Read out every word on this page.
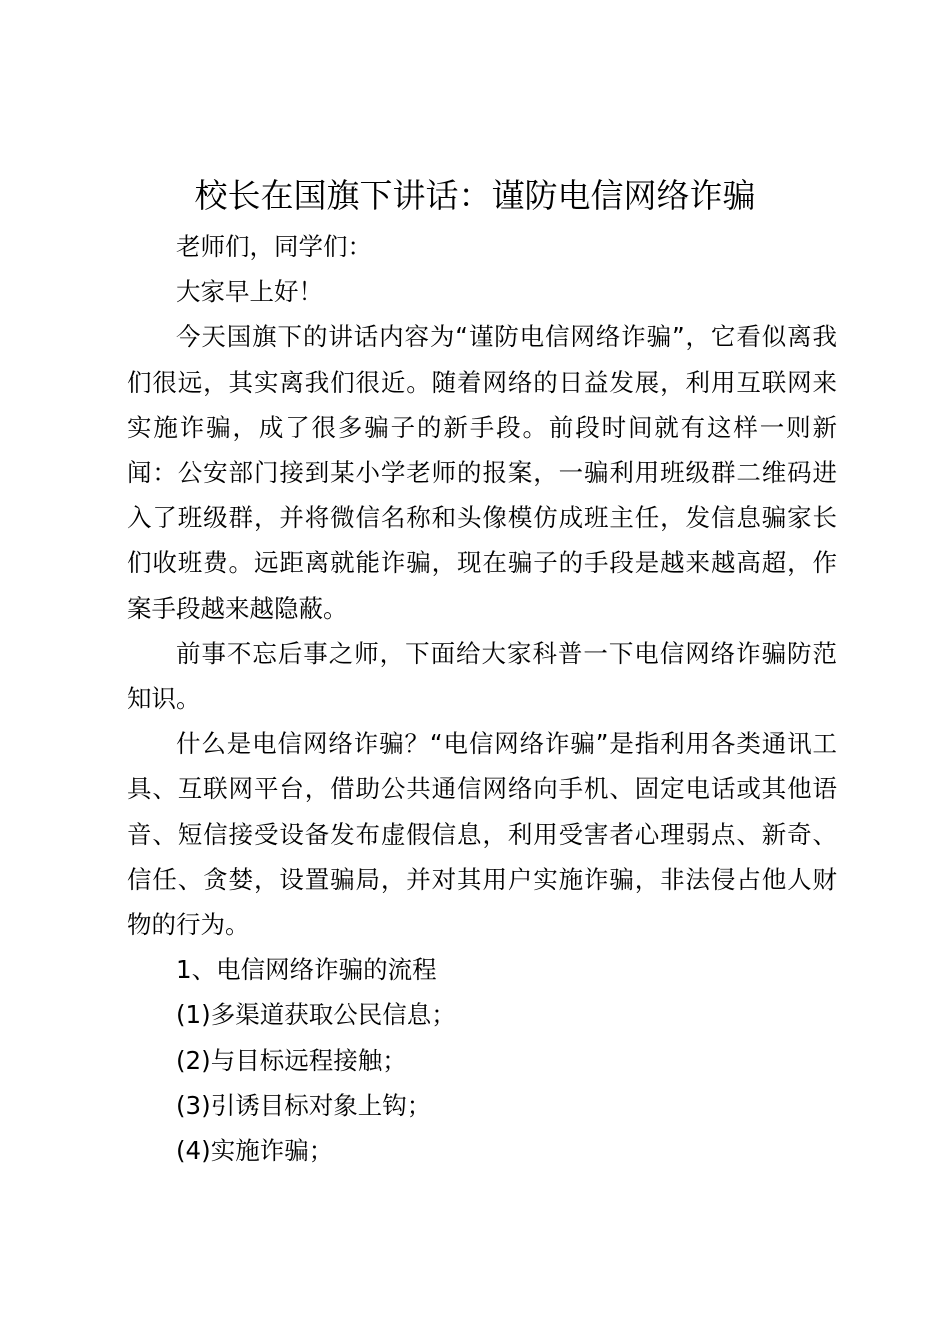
校长在国旗下讲话：谨防电信网络诈骗

老师们，同学们：

大家早上好！

今天国旗下的讲话内容为“谨防电信网络诈骗”，它看似离我们很远，其实离我们很近。随着网络的日益发展，利用互联网来实施诈骗，成了很多骗子的新手段。前段时间就有这样一则新闻：公安部门接到某小学老师的报案，一骗利用班级群二维码进入了班级群，并将微信名称和头像模仿成班主任，发信息骗家长们收班费。远距离就能诈骗，现在骗子的手段是越来越高超，作案手段越来越隐蔽。

前事不忘后事之师，下面给大家科普一下电信网络诈骗防范知识。

什么是电信网络诈骗？“电信网络诈骗”是指利用各类通讯工具、互联网平台，借助公共通信网络向手机、固定电话或其他语音、短信接受设备发布虚假信息，利用受害者心理弱点、新奇、信任、贪婪，设置骗局，并对其用户实施诈骗，非法侵占他人财物的行为。

1、电信网络诈骗的流程

(1)多渠道获取公民信息；

(2)与目标远程接触；

(3)引诱目标对象上钩；

(4)实施诈骗；
